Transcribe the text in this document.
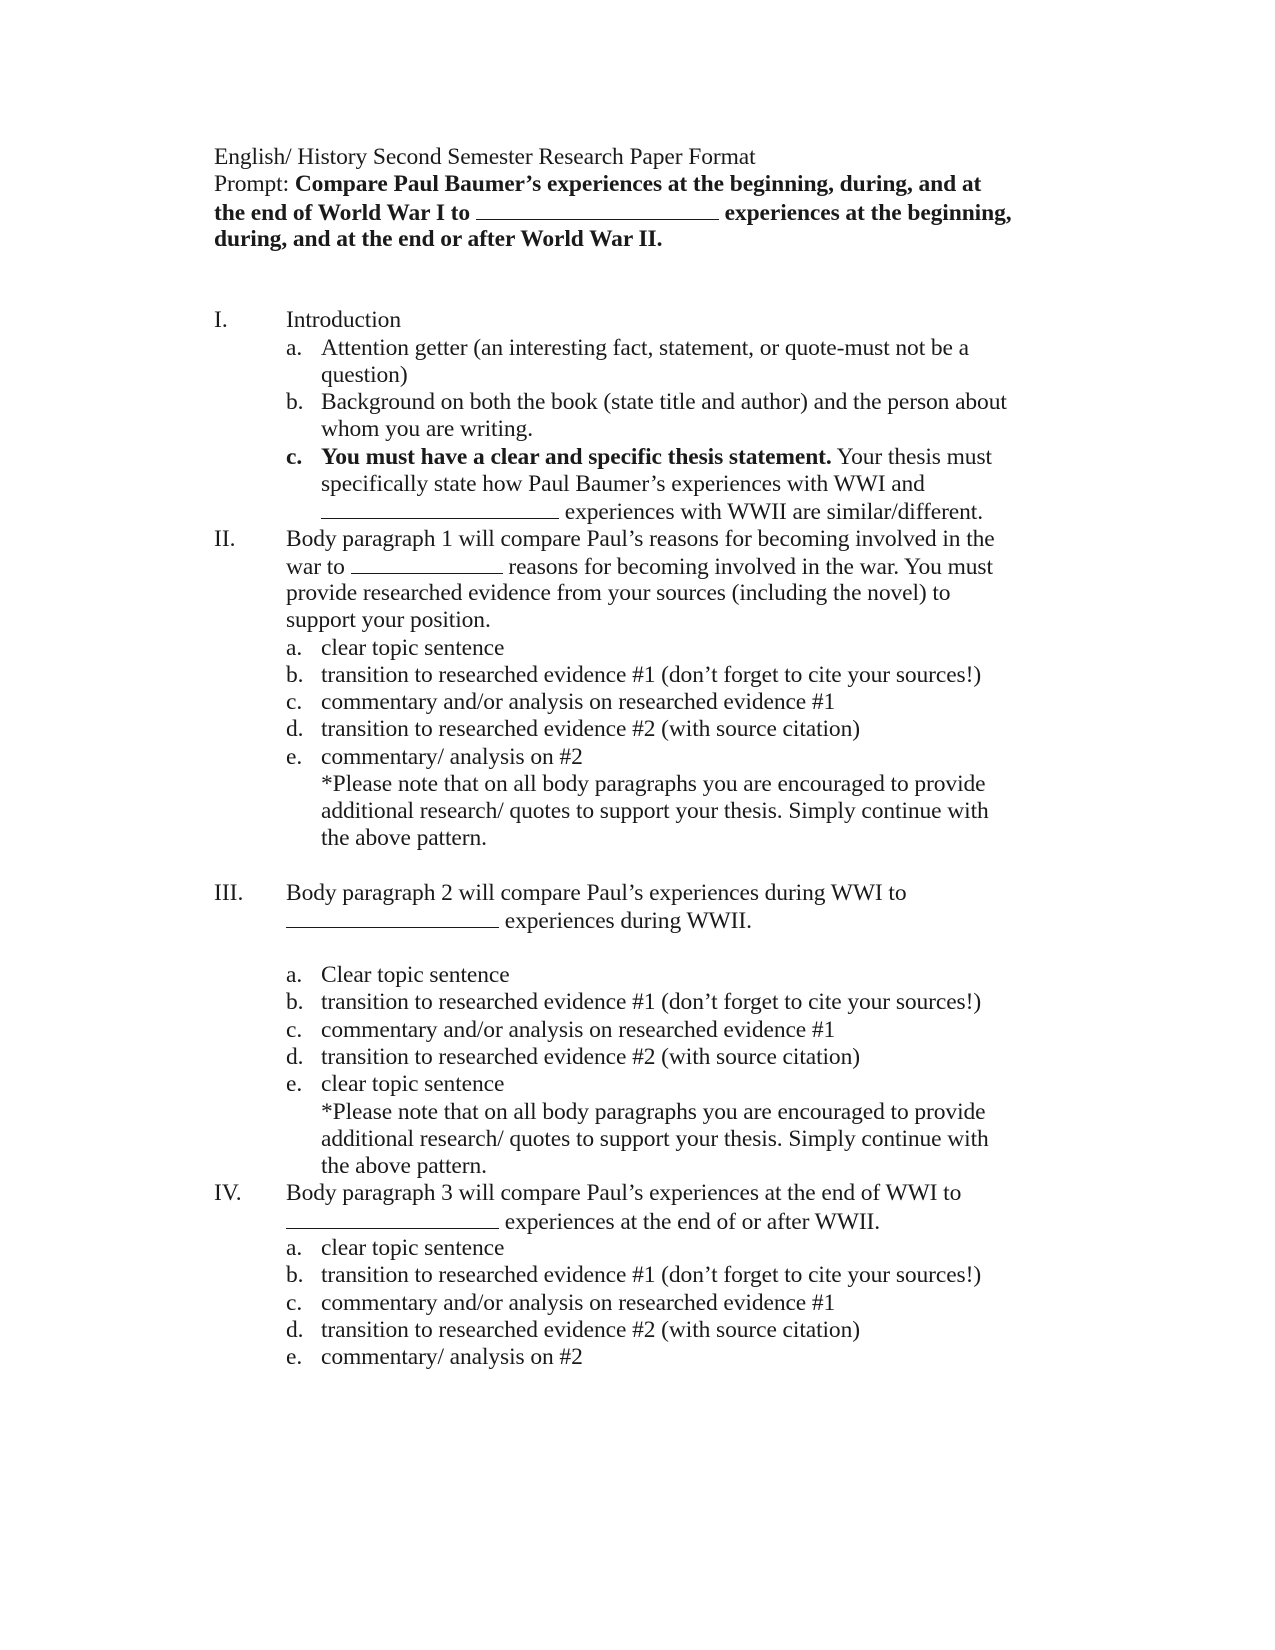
English/ History Second Semester Research Paper Format
Prompt: Compare Paul Baumer’s experiences at the beginning, during, and at
the end of World War I to	experiences at the beginning,
during, and at the end or after World War II.
I. Introduction
a. Attention getter (an interesting fact, statement, or quote-must not be a
question)
b. Background on both the book (state title and author) and the person about
whom you are writing.
c. You must have a clear and specific thesis statement. Your thesis must
specifically state how Paul Baumer’s experiences with WWI and
experiences with WWII are similar/different.
II. Body paragraph 1 will compare Paul’s reasons for becoming involved in the
war to	reasons for becoming involved in the war. You must
provide researched evidence from your sources (including the novel) to
support your position.
a. clear topic sentence
b. transition to researched evidence #1 (don’t forget to cite your sources!)
c. commentary and/or analysis on researched evidence #1
d. transition to researched evidence #2 (with source citation)
e. commentary/ analysis on #2
*Please note that on all body paragraphs you are encouraged to provide
additional research/ quotes to support your thesis. Simply continue with
the above pattern.
III. Body paragraph 2 will compare Paul’s experiences during WWI to
experiences during WWII.
a. Clear topic sentence
b. transition to researched evidence #1 (don’t forget to cite your sources!)
c. commentary and/or analysis on researched evidence #1
d. transition to researched evidence #2 (with source citation)
e. clear topic sentence
*Please note that on all body paragraphs you are encouraged to provide
additional research/ quotes to support your thesis. Simply continue with
the above pattern.
IV. Body paragraph 3 will compare Paul’s experiences at the end of WWI to
experiences at the end of or after WWII.
a. clear topic sentence
b. transition to researched evidence #1 (don’t forget to cite your sources!)
c. commentary and/or analysis on researched evidence #1
d. transition to researched evidence #2 (with source citation)
e. commentary/ analysis on #2
